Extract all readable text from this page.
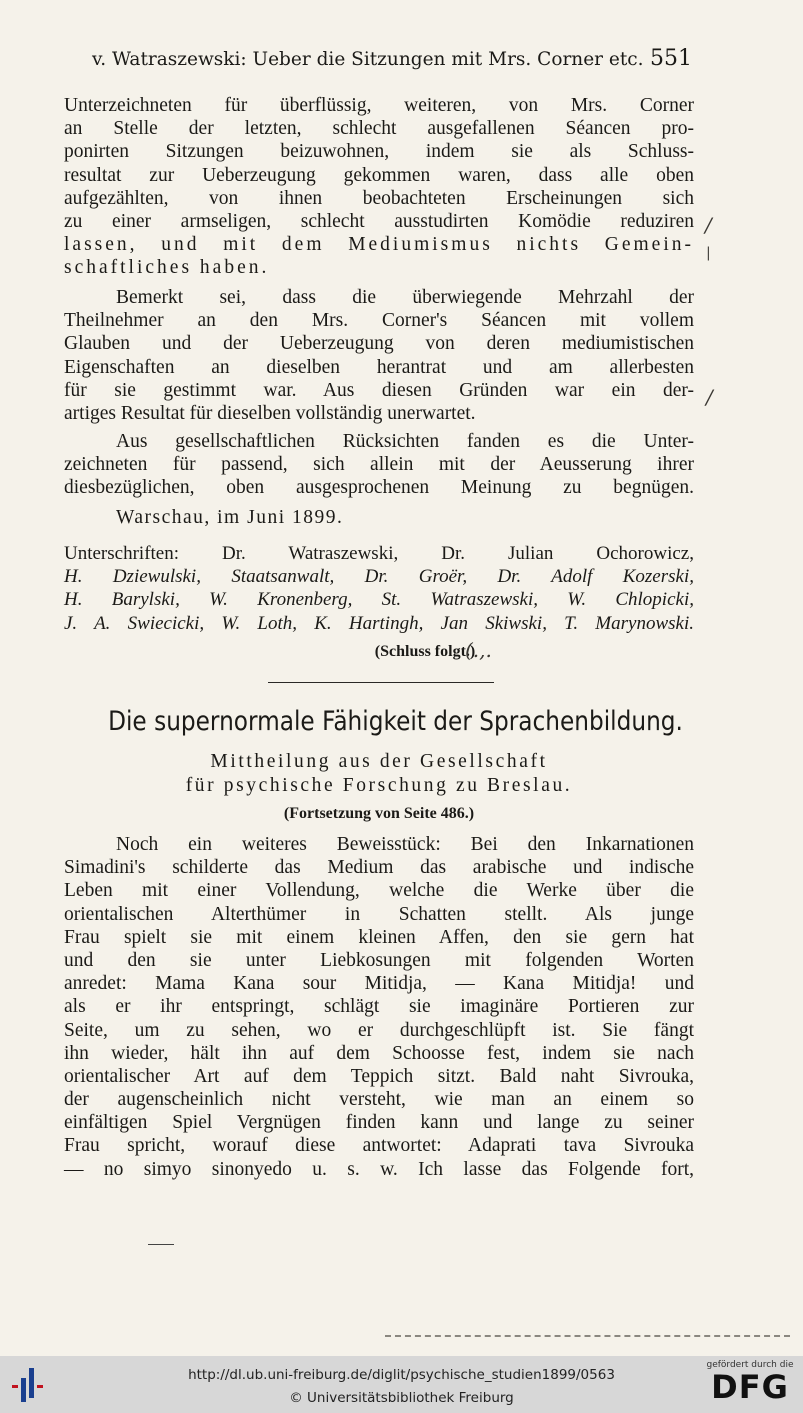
v. Watraszewski: Ueber die Sitzungen mit Mrs. Corner etc. 551
Unterzeichneten für überflüssig, weiteren, von Mrs. Corner
an Stelle der letzten, schlecht ausgefallenen Séancen pro-
ponirten Sitzungen beizuwohnen, indem sie als Schluss-
resultat zur Ueberzeugung gekommen waren, dass alle oben
aufgezählten, von ihnen beobachteten Erscheinungen sich
zu einer armseligen, schlecht ausstudirten Komödie reduziren
lassen, und mit dem Mediumismus nichts Gemein-
schaftliches haben.
Bemerkt sei, dass die überwiegende Mehrzahl der
Theilnehmer an den Mrs. Corner's Séancen mit vollem
Glauben und der Ueberzeugung von deren mediumistischen
Eigenschaften an dieselben herantrat und am allerbesten
für sie gestimmt war. Aus diesen Gründen war ein der-
artiges Resultat für dieselben vollständig unerwartet.
Aus gesellschaftlichen Rücksichten fanden es die Unter-
zeichneten für passend, sich allein mit der Aeusserung ihrer
diesbezüglichen, oben ausgesprochenen Meinung zu begnügen.
Warschau, im Juni 1899.
Unterschriften: Dr. Watraszewski, Dr. Julian Ochorowicz,
H. Dziewulski, Staatsanwalt, Dr. Groër, Dr. Adolf Kozerski,
H. Barylski, W. Kronenberg, St. Watraszewski, W. Chlopicki,
J. A. Swiecicki, W. Loth, K. Hartingh, Jan Skiwski, T. Marynowski.
(Schluss folgt.)
(.,.
Die supernormale Fähigkeit der Sprachenbildung.
Mittheilung aus der Gesellschaft
für psychische Forschung zu Breslau.
(Fortsetzung von Seite 486.)
Noch ein weiteres Beweisstück: Bei den Inkarnationen
Simadini's schilderte das Medium das arabische und indische
Leben mit einer Vollendung, welche die Werke über die
orientalischen Alterthümer in Schatten stellt. Als junge
Frau spielt sie mit einem kleinen Affen, den sie gern hat
und den sie unter Liebkosungen mit folgenden Worten
anredet: Mama Kana sour Mitidja, — Kana Mitidja! und
als er ihr entspringt, schlägt sie imaginäre Portieren zur
Seite, um zu sehen, wo er durchgeschlüpft ist. Sie fängt
ihn wieder, hält ihn auf dem Schoosse fest, indem sie nach
orientalischer Art auf dem Teppich sitzt. Bald naht Sivrouka,
der augenscheinlich nicht versteht, wie man an einem so
einfältigen Spiel Vergnügen finden kann und lange zu seiner
Frau spricht, worauf diese antwortet: Adaprati tava Sivrouka
— no simyo sinonyedo u. s. w. Ich lasse das Folgende fort,
/
|
/
http://dl.ub.uni-freiburg.de/diglit/psychische_studien1899/0563
© Universitätsbibliothek Freiburg
gefördert durch die
DFG
